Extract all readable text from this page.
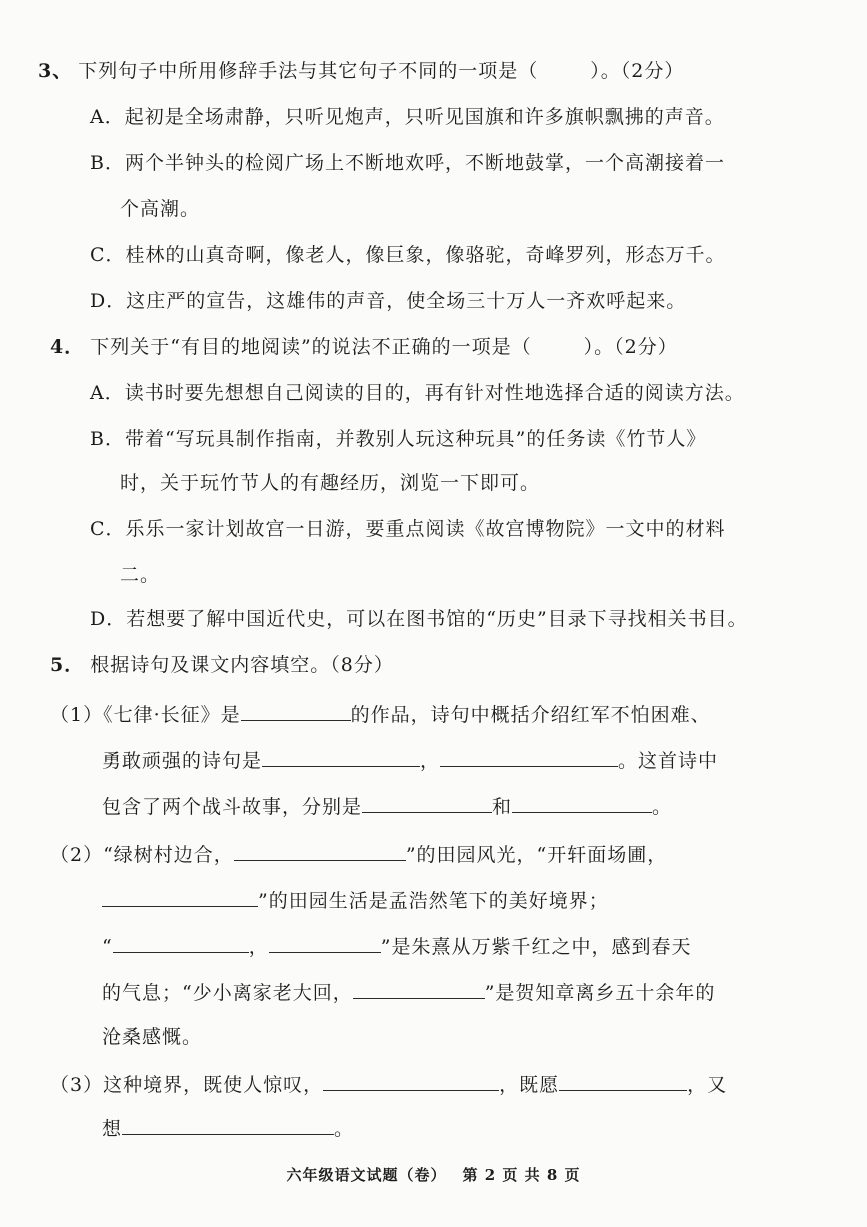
3、 下列句子中所用修辞手法与其它句子不同的一项是（	）。（2分）
A．起初是全场肃静，只听见炮声，只听见国旗和许多旗帜飘拂的声音。
B．两个半钟头的检阅广场上不断地欢呼，不断地鼓掌，一个高潮接着一
个高潮。
C．桂林的山真奇啊，像老人，像巨象，像骆驼，奇峰罗列，形态万千。
D．这庄严的宣告，这雄伟的声音，使全场三十万人一齐欢呼起来。
4． 下列关于“有目的地阅读”的说法不正确的一项是（	）。（2分）
A．读书时要先想想自己阅读的目的，再有针对性地选择合适的阅读方法。
B．带着“写玩具制作指南，并教别人玩这种玩具”的任务读《竹节人》
时，关于玩竹节人的有趣经历，浏览一下即可。
C．乐乐一家计划故宫一日游，要重点阅读《故宫博物院》一文中的材料
二。
D．若想要了解中国近代史，可以在图书馆的“历史”目录下寻找相关书目。
5． 根据诗句及课文内容填空。（8分）
（1）《七律·长征》是	的作品，诗句中概括介绍红军不怕困难、
勇敢顽强的诗句是	，	。这首诗中
包含了两个战斗故事，分别是	和	。
（2）“绿树村边合，	”的田园风光，“开轩面场圃，
”的田园生活是孟浩然笔下的美好境界；
“	，	”是朱熹从万紫千红之中，感到春天
的气息；“少小离家老大回，	”是贺知章离乡五十余年的
沧桑感慨。
（3）这种境界，既使人惊叹，	，既愿	，又
想	。
六年级语文试题（卷） 第 2 页 共 8 页
